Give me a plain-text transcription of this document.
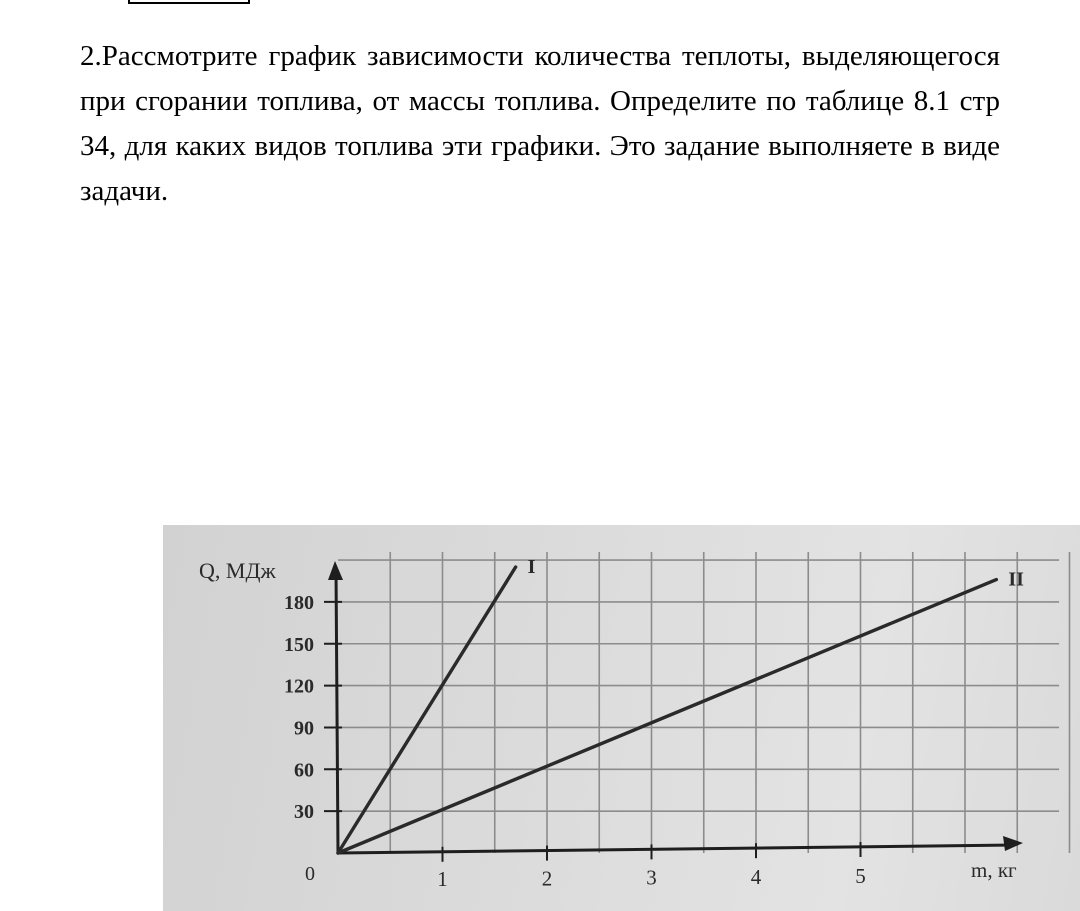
2.Рассмотрите график зависимости количества теплоты, выделяющегося при сгорании топлива, от массы топлива. Определите по таблице 8.1 стр 34, для каких видов топлива эти графики. Это задание выполняете в виде задачи.

Q, МДж
m, кг
0
30
60
90
120
150
180
1	2	3	4	5
I
II
